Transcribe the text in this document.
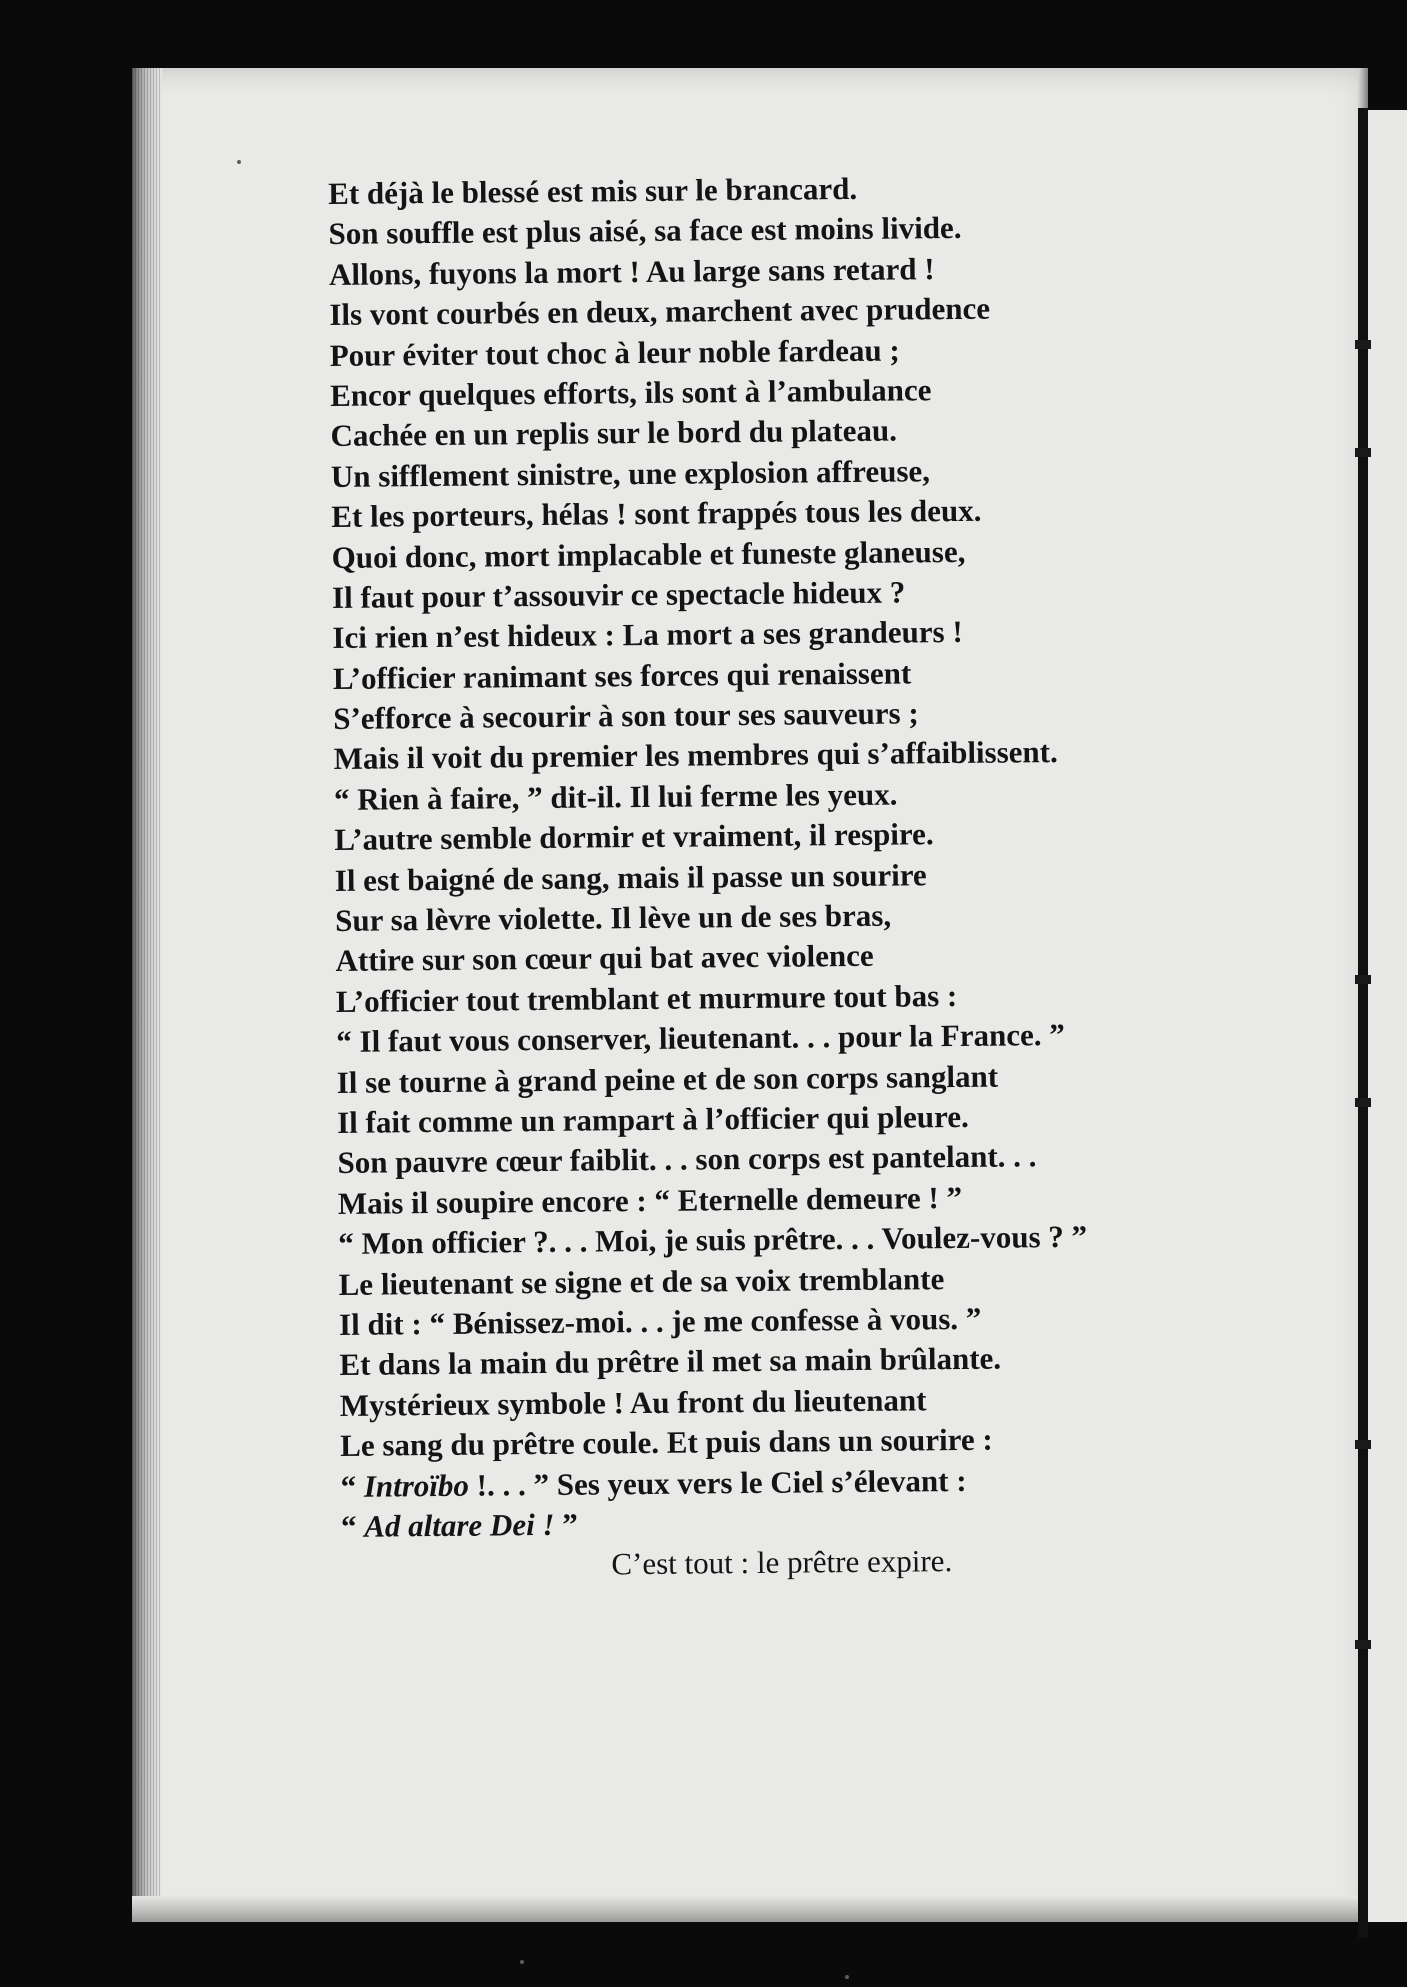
Et déjà le blessé est mis sur le brancard.
Son souffle est plus aisé, sa face est moins livide.
Allons, fuyons la mort ! Au large sans retard !
Ils vont courbés en deux, marchent avec prudence
Pour éviter tout choc à leur noble fardeau ;
Encor quelques efforts, ils sont à l’ambulance
Cachée en un replis sur le bord du plateau.
Un sifflement sinistre, une explosion affreuse,
Et les porteurs, hélas ! sont frappés tous les deux.
Quoi donc, mort implacable et funeste glaneuse,
Il faut pour t’assouvir ce spectacle hideux ?
Ici rien n’est hideux : La mort a ses grandeurs !
L’officier ranimant ses forces qui renaissent
S’efforce à secourir à son tour ses sauveurs ;
Mais il voit du premier les membres qui s’affaiblissent.
“ Rien à faire, ” dit-il. Il lui ferme les yeux.
L’autre semble dormir et vraiment, il respire.
Il est baigné de sang, mais il passe un sourire
Sur sa lèvre violette. Il lève un de ses bras,
Attire sur son cœur qui bat avec violence
L’officier tout tremblant et murmure tout bas :
“ Il faut vous conserver, lieutenant. . . pour la France. ”
Il se tourne à grand peine et de son corps sanglant
Il fait comme un rampart à l’officier qui pleure.
Son pauvre cœur faiblit. . . son corps est pantelant. . .
Mais il soupire encore : “ Eternelle demeure ! ”
“ Mon officier ?. . . Moi, je suis prêtre. . . Voulez-vous ? ”
Le lieutenant se signe et de sa voix tremblante
Il dit : “ Bénissez-moi. . . je me confesse à vous. ”
Et dans la main du prêtre il met sa main brûlante.
Mystérieux symbole ! Au front du lieutenant
Le sang du prêtre coule. Et puis dans un sourire :
“ Introïbo !. . . ” Ses yeux vers le Ciel s’élevant :
“ Ad altare Dei ! ”
C’est tout : le prêtre expire.
